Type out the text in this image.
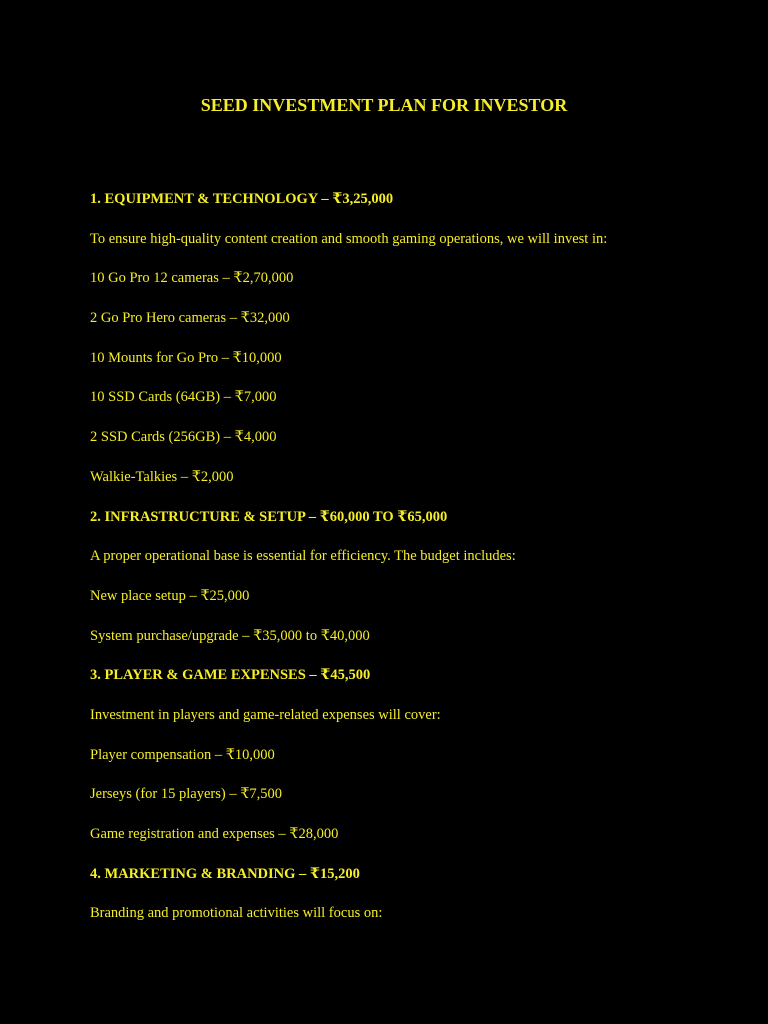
SEED INVESTMENT PLAN FOR INVESTOR
1. EQUIPMENT & TECHNOLOGY – ₹3,25,000
To ensure high-quality content creation and smooth gaming operations, we will invest in:
10 Go Pro 12 cameras – ₹2,70,000
2 Go Pro Hero cameras – ₹32,000
10 Mounts for Go Pro – ₹10,000
10 SSD Cards (64GB) – ₹7,000
2 SSD Cards (256GB) – ₹4,000
Walkie-Talkies – ₹2,000
2. INFRASTRUCTURE & SETUP – ₹60,000 TO ₹65,000
A proper operational base is essential for efficiency. The budget includes:
New place setup – ₹25,000
System purchase/upgrade – ₹35,000 to ₹40,000
3. PLAYER & GAME EXPENSES – ₹45,500
Investment in players and game-related expenses will cover:
Player compensation – ₹10,000
Jerseys (for 15 players) – ₹7,500
Game registration and expenses – ₹28,000
4. MARKETING & BRANDING – ₹15,200
Branding and promotional activities will focus on:
